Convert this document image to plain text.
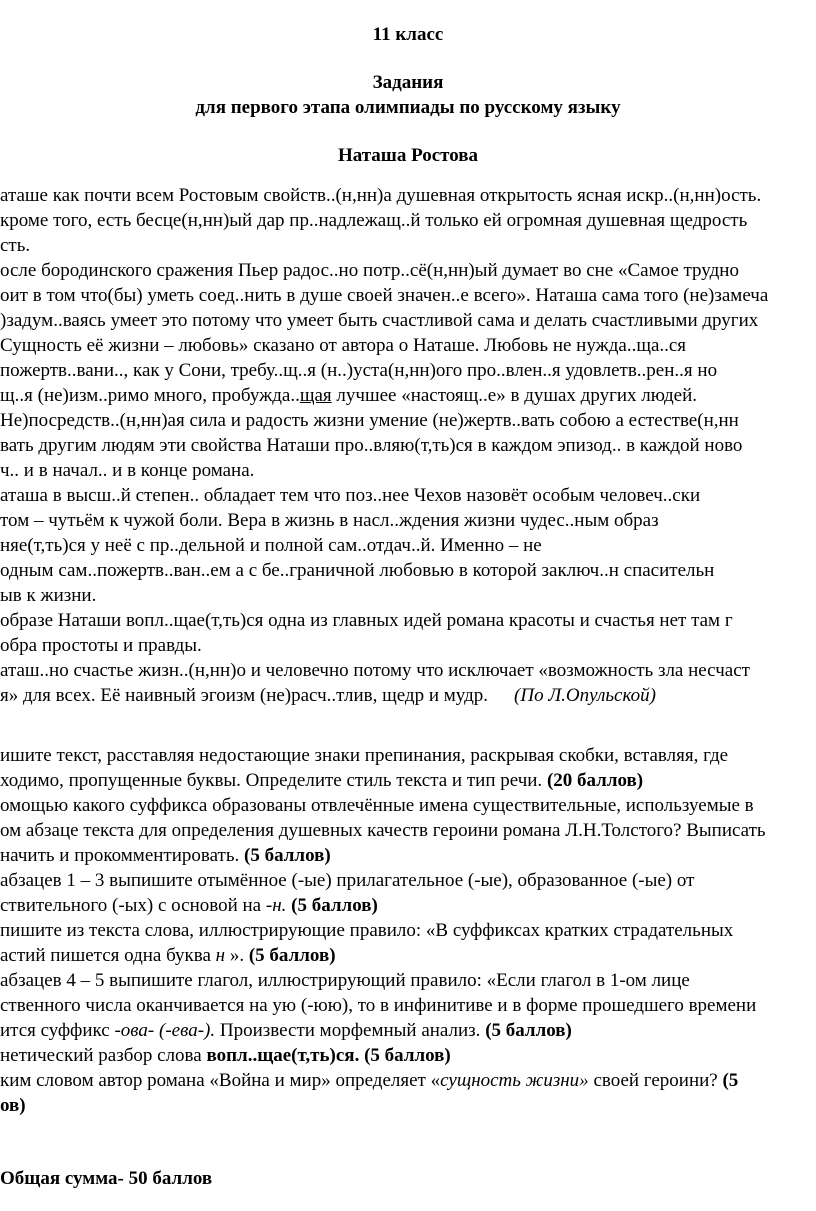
11 класс
Задания
для первого этапа олимпиады по русскому языку
Наташа Ростова
аташе как почти всем Ростовым свойств..(н,нн)а душевная открытость ясная искр..(н,нн)ость.
кроме того, есть бесце(н,нн)ый дар пр..надлежащ..й только ей огромная душевная щедрость
сть.
осле бородинского сражения Пьер радос..но потр..сё(н,нн)ый думает во сне «Самое трудно
оит в том что(бы) уметь соед..нить в душе своей значен..е всего». Наташа сама того (не)замеча
)задум..ваясь умеет это потому что умеет быть счастливой сама и делать счастливыми других
Сущность её жизни – любовь» сказано от автора о Наташе. Любовь не нужда..ща..ся
пожертв..вани.., как у Сони, требу..щ..я (н..)уста(н,нн)ого про..влен..я удовлетв..рен..я но
щ..я (не)изм..римо много, пробужда..щая лучшее «настоящ..е» в душах других людей.
Не)посредств..(н,нн)ая сила и радость жизни умение (не)жертв..вать собою а естестве(н,нн
вать другим людям эти свойства Наташи про..вляю(т,ть)ся в каждом эпизод.. в каждой ново
ч.. и в начал.. и в конце романа.
аташа в высш..й степен.. обладает тем что поз..нее Чехов назовёт особым человеч..ски
том – чутьём к чужой боли. Вера в жизнь в насл..ждения жизни чудес..ным образ
няе(т,ть)ся у неё с пр..дельной и полной сам..отдач..й. Именно – не
одным сам..пожертв..ван..ем а с бе..граничной любовью в которой заключ..н спасительн
ыв к жизни.
образе Наташи вопл..щае(т,ть)ся одна из главных идей романа красоты и счастья нет там г
обра простоты и правды.
аташ..но счастье жизн..(н,нн)о и человечно потому что исключает «возможность зла несчаст
я» для всех. Её наивный эгоизм (не)расч..тлив, щедр и мудр. (По Л.Опульской)
ишите текст, расставляя недостающие знаки препинания, раскрывая скобки, вставляя, где
ходимо, пропущенные буквы. Определите стиль текста и тип речи. (20 баллов)
омощью какого суффикса образованы отвлечённые имена существительные, используемые в
ом абзаце текста для определения душевных качеств героини романа Л.Н.Толстого? Выписать
начить и прокомментировать. (5 баллов)
абзацев 1 – 3 выпишите отымённое (-ые) прилагательное (-ые), образованное (-ые) от
ствительного (-ых) с основой на -н. (5 баллов)
пишите из текста слова, иллюстрирующие правило: «В суффиксах кратких страдательных
астий пишется одна буква н ». (5 баллов)
абзацев 4 – 5 выпишите глагол, иллюстрирующий правило: «Если глагол в 1-ом лице
ственного числа оканчивается на ую (-юю), то в инфинитиве и в форме прошедшего времени
ится суффикс -ова- (-ева-). Произвести морфемный анализ. (5 баллов)
нетический разбор слова вопл..щае(т,ть)ся. (5 баллов)
ким словом автор романа «Война и мир» определяет «сущность жизни» своей героини? (5
ов)
Общая сумма- 50 баллов
